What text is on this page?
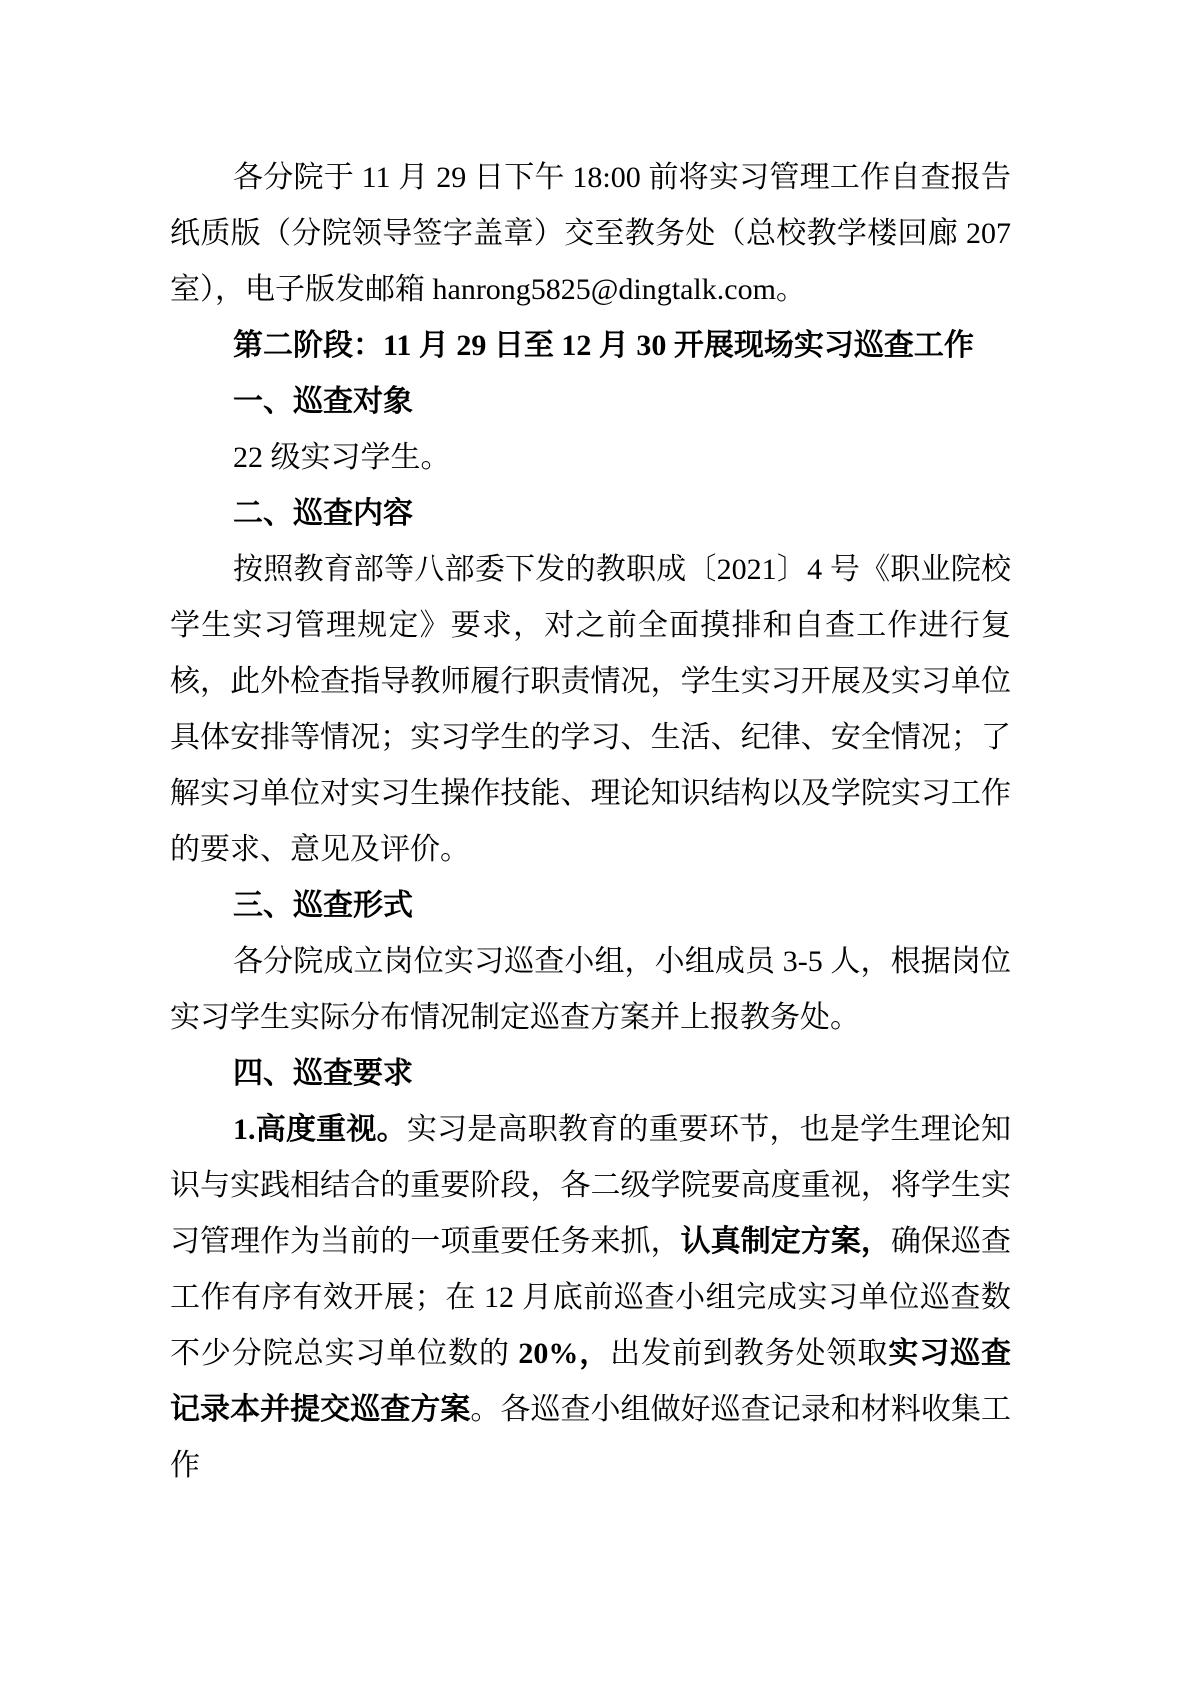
各分院于 11 月 29 日下午 18:00 前将实习管理工作自查报告纸质版（分院领导签字盖章）交至教务处（总校教学楼回廊 207 室），电子版发邮箱 hanrong5825@dingtalk.com。

第二阶段：11 月 29 日至 12 月 30 开展现场实习巡查工作

一、巡查对象

22 级实习学生。

二、巡查内容

按照教育部等八部委下发的教职成〔2021〕4 号《职业院校学生实习管理规定》要求，对之前全面摸排和自查工作进行复核，此外检查指导教师履行职责情况，学生实习开展及实习单位具体安排等情况；实习学生的学习、生活、纪律、安全情况；了解实习单位对实习生操作技能、理论知识结构以及学院实习工作的要求、意见及评价。

三、巡查形式

各分院成立岗位实习巡查小组，小组成员 3-5 人，根据岗位实习学生实际分布情况制定巡查方案并上报教务处。

四、巡查要求

1.高度重视。实习是高职教育的重要环节，也是学生理论知识与实践相结合的重要阶段，各二级学院要高度重视，将学生实习管理作为当前的一项重要任务来抓，认真制定方案，确保巡查工作有序有效开展；在 12 月底前巡查小组完成实习单位巡查数不少分院总实习单位数的 20%，出发前到教务处领取实习巡查记录本并提交巡查方案。各巡查小组做好巡查记录和材料收集工作
